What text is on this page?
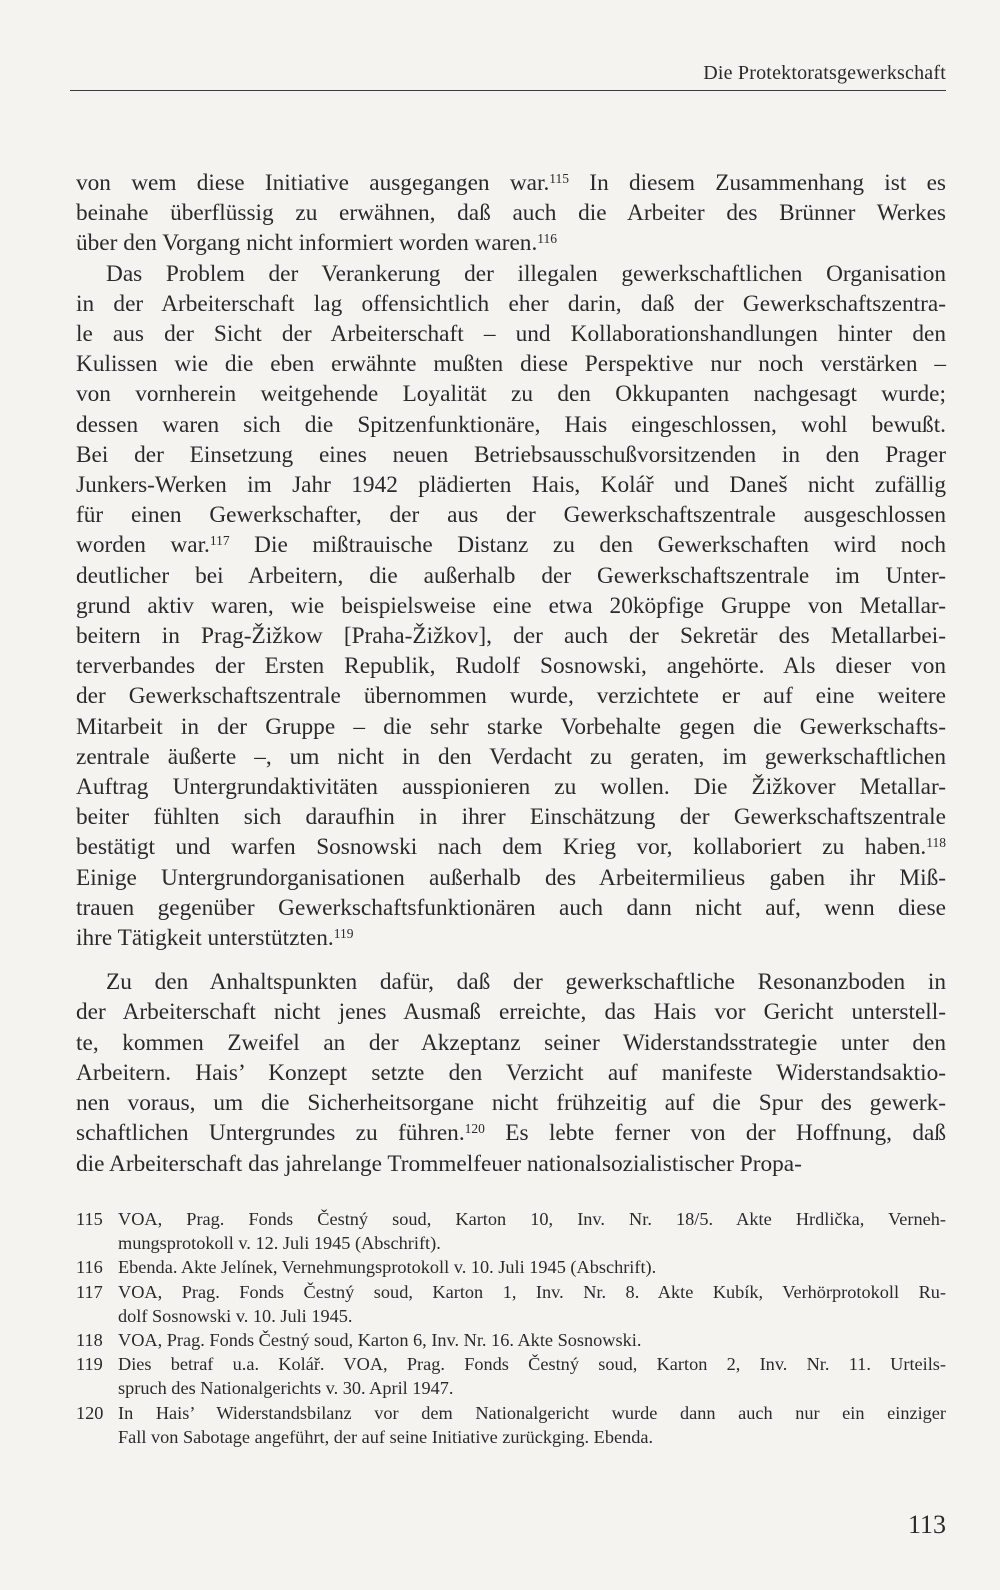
Die Protektoratsgewerkschaft
von wem diese Initiative ausgegangen war.$^{115}$ In diesem Zusammenhang ist es
beinahe überflüssig zu erwähnen, daß auch die Arbeiter des Brünner Werkes
über den Vorgang nicht informiert worden waren.$^{116}$
Das Problem der Verankerung der illegalen gewerkschaftlichen Organisation
in der Arbeiterschaft lag offensichtlich eher darin, daß der Gewerkschaftszentra-
le aus der Sicht der Arbeiterschaft – und Kollaborationshandlungen hinter den
Kulissen wie die eben erwähnte mußten diese Perspektive nur noch verstärken –
von vornherein weitgehende Loyalität zu den Okkupanten nachgesagt wurde;
dessen waren sich die Spitzenfunktionäre, Hais eingeschlossen, wohl bewußt.
Bei der Einsetzung eines neuen Betriebsausschußvorsitzenden in den Prager
Junkers-Werken im Jahr 1942 plädierten Hais, Kolář und Daneš nicht zufällig
für einen Gewerkschafter, der aus der Gewerkschaftszentrale ausgeschlossen
worden war.$^{117}$ Die mißtrauische Distanz zu den Gewerkschaften wird noch
deutlicher bei Arbeitern, die außerhalb der Gewerkschaftszentrale im Unter-
grund aktiv waren, wie beispielsweise eine etwa 20köpfige Gruppe von Metallar-
beitern in Prag-Žižkow [Praha-Žižkov], der auch der Sekretär des Metallarbei-
terverbandes der Ersten Republik, Rudolf Sosnowski, angehörte. Als dieser von
der Gewerkschaftszentrale übernommen wurde, verzichtete er auf eine weitere
Mitarbeit in der Gruppe – die sehr starke Vorbehalte gegen die Gewerkschafts-
zentrale äußerte –, um nicht in den Verdacht zu geraten, im gewerkschaftlichen
Auftrag Untergrundaktivitäten ausspionieren zu wollen. Die Žižkover Metallar-
beiter fühlten sich daraufhin in ihrer Einschätzung der Gewerkschaftszentrale
bestätigt und warfen Sosnowski nach dem Krieg vor, kollaboriert zu haben.$^{118}$
Einige Untergrundorganisationen außerhalb des Arbeitermilieus gaben ihr Miß-
trauen gegenüber Gewerkschaftsfunktionären auch dann nicht auf, wenn diese
ihre Tätigkeit unterstützten.$^{119}$
Zu den Anhaltspunkten dafür, daß der gewerkschaftliche Resonanzboden in
der Arbeiterschaft nicht jenes Ausmaß erreichte, das Hais vor Gericht unterstell-
te, kommen Zweifel an der Akzeptanz seiner Widerstandsstrategie unter den
Arbeitern. Hais’ Konzept setzte den Verzicht auf manifeste Widerstandsaktio-
nen voraus, um die Sicherheitsorgane nicht frühzeitig auf die Spur des gewerk-
schaftlichen Untergrundes zu führen.$^{120}$ Es lebte ferner von der Hoffnung, daß
die Arbeiterschaft das jahrelange Trommelfeuer nationalsozialistischer Propa-
115 VOA, Prag. Fonds Čestný soud, Karton 10, Inv. Nr. 18/5. Akte Hrdlička, Verneh-
mungsprotokoll v. 12. Juli 1945 (Abschrift).
116 Ebenda. Akte Jelínek, Vernehmungsprotokoll v. 10. Juli 1945 (Abschrift).
117 VOA, Prag. Fonds Čestný soud, Karton 1, Inv. Nr. 8. Akte Kubík, Verhörprotokoll Ru-
dolf Sosnowski v. 10. Juli 1945.
118 VOA, Prag. Fonds Čestný soud, Karton 6, Inv. Nr. 16. Akte Sosnowski.
119 Dies betraf u.a. Kolář. VOA, Prag. Fonds Čestný soud, Karton 2, Inv. Nr. 11. Urteils-
spruch des Nationalgerichts v. 30. April 1947.
120 In Hais’ Widerstandsbilanz vor dem Nationalgericht wurde dann auch nur ein einziger
Fall von Sabotage angeführt, der auf seine Initiative zurückging. Ebenda.
113
